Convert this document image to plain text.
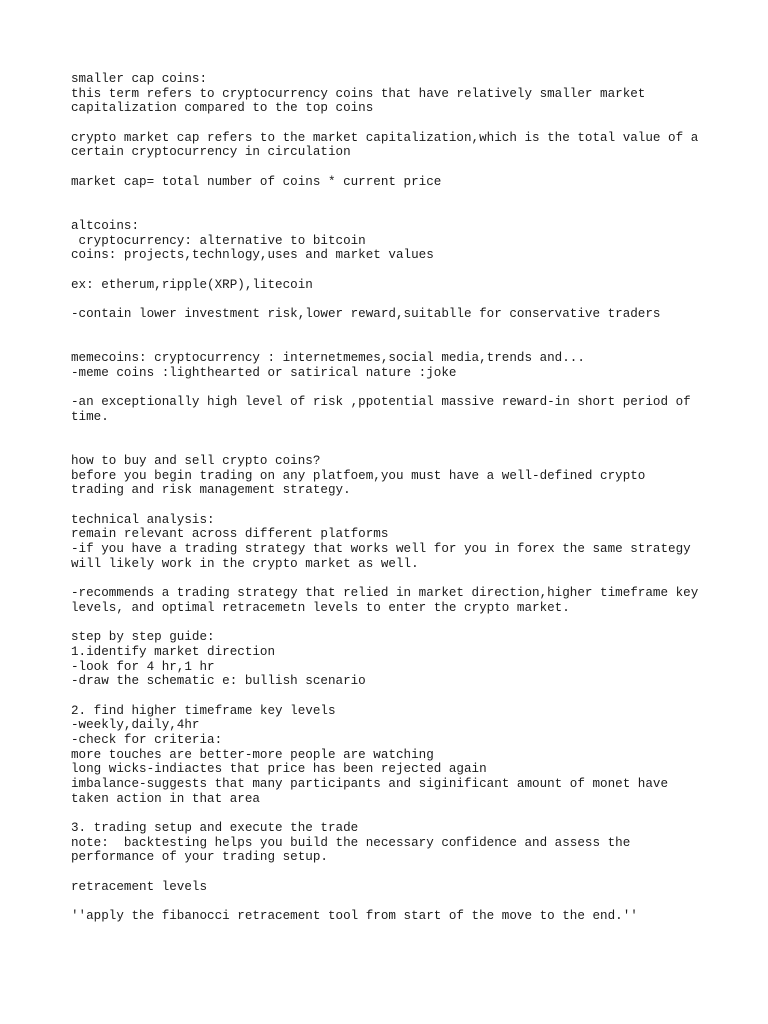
smaller cap coins:
this term refers to cryptocurrency coins that have relatively smaller market
capitalization compared to the top coins
crypto market cap refers to the market capitalization,which is the total value of a
certain cryptocurrency in circulation
market cap= total number of coins * current price
altcoins:
cryptocurrency: alternative to bitcoin
coins: projects,technlogy,uses and market values
ex: etherum,ripple(XRP),litecoin
-contain lower investment risk,lower reward,suitablle for conservative traders
memecoins: cryptocurrency : internetmemes,social media,trends and...
-meme coins :lighthearted or satirical nature :joke
-an exceptionally high level of risk ,ppotential massive reward-in short period of
time.
how to buy and sell crypto coins?
before you begin trading on any platfoem,you must have a well-defined crypto
trading and risk management strategy.
technical analysis:
remain relevant across different platforms
-if you have a trading strategy that works well for you in forex the same strategy
will likely work in the crypto market as well.
-recommends a trading strategy that relied in market direction,higher timeframe key
levels, and optimal retracemetn levels to enter the crypto market.
step by step guide:
1.identify market direction
-look for 4 hr,1 hr
-draw the schematic e: bullish scenario
2. find higher timeframe key levels
-weekly,daily,4hr
-check for criteria:
more touches are better-more people are watching
long wicks-indiactes that price has been rejected again
imbalance-suggests that many participants and siginificant amount of monet have
taken action in that area
3. trading setup and execute the trade
note:  backtesting helps you build the necessary confidence and assess the
performance of your trading setup.
retracement levels
''apply the fibanocci retracement tool from start of the move to the end.''
